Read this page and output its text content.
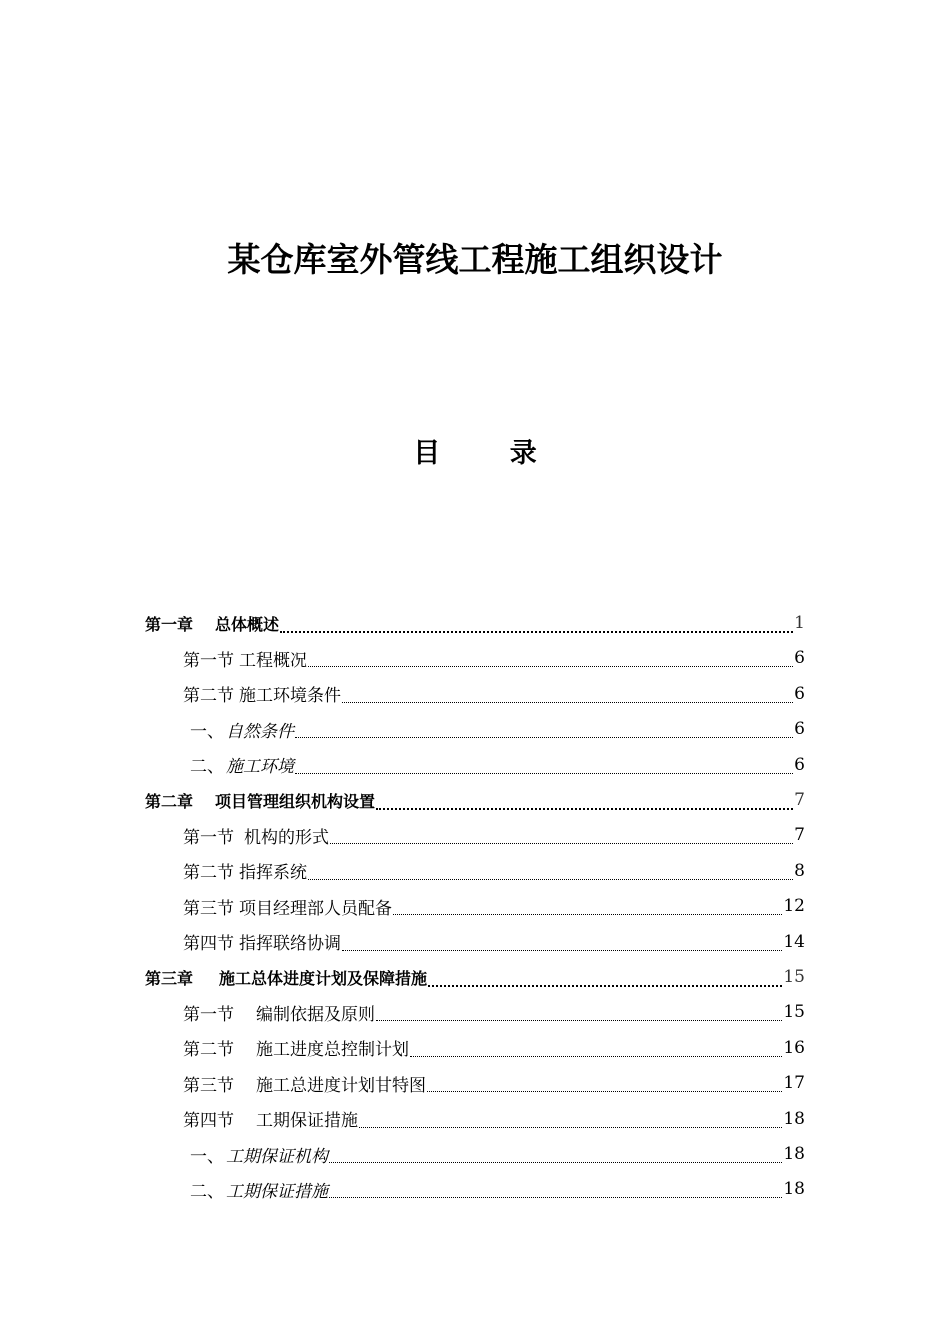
某仓库室外管线工程施工组织设计
目 录
第一章 总体概述	1
第一节 工程概况	6
第二节 施工环境条件	6
一、 自然条件	6
二、 施工环境	6
第二章 项目管理组织机构设置	7
第一节 机构的形式	7
第二节 指挥系统	8
第三节 项目经理部人员配备	12
第四节 指挥联络协调	14
第三章 施工总体进度计划及保障措施	15
第一节 编制依据及原则	15
第二节 施工进度总控制计划	16
第三节 施工总进度计划甘特图	17
第四节 工期保证措施	18
一、 工期保证机构	18
二、 工期保证措施	18
